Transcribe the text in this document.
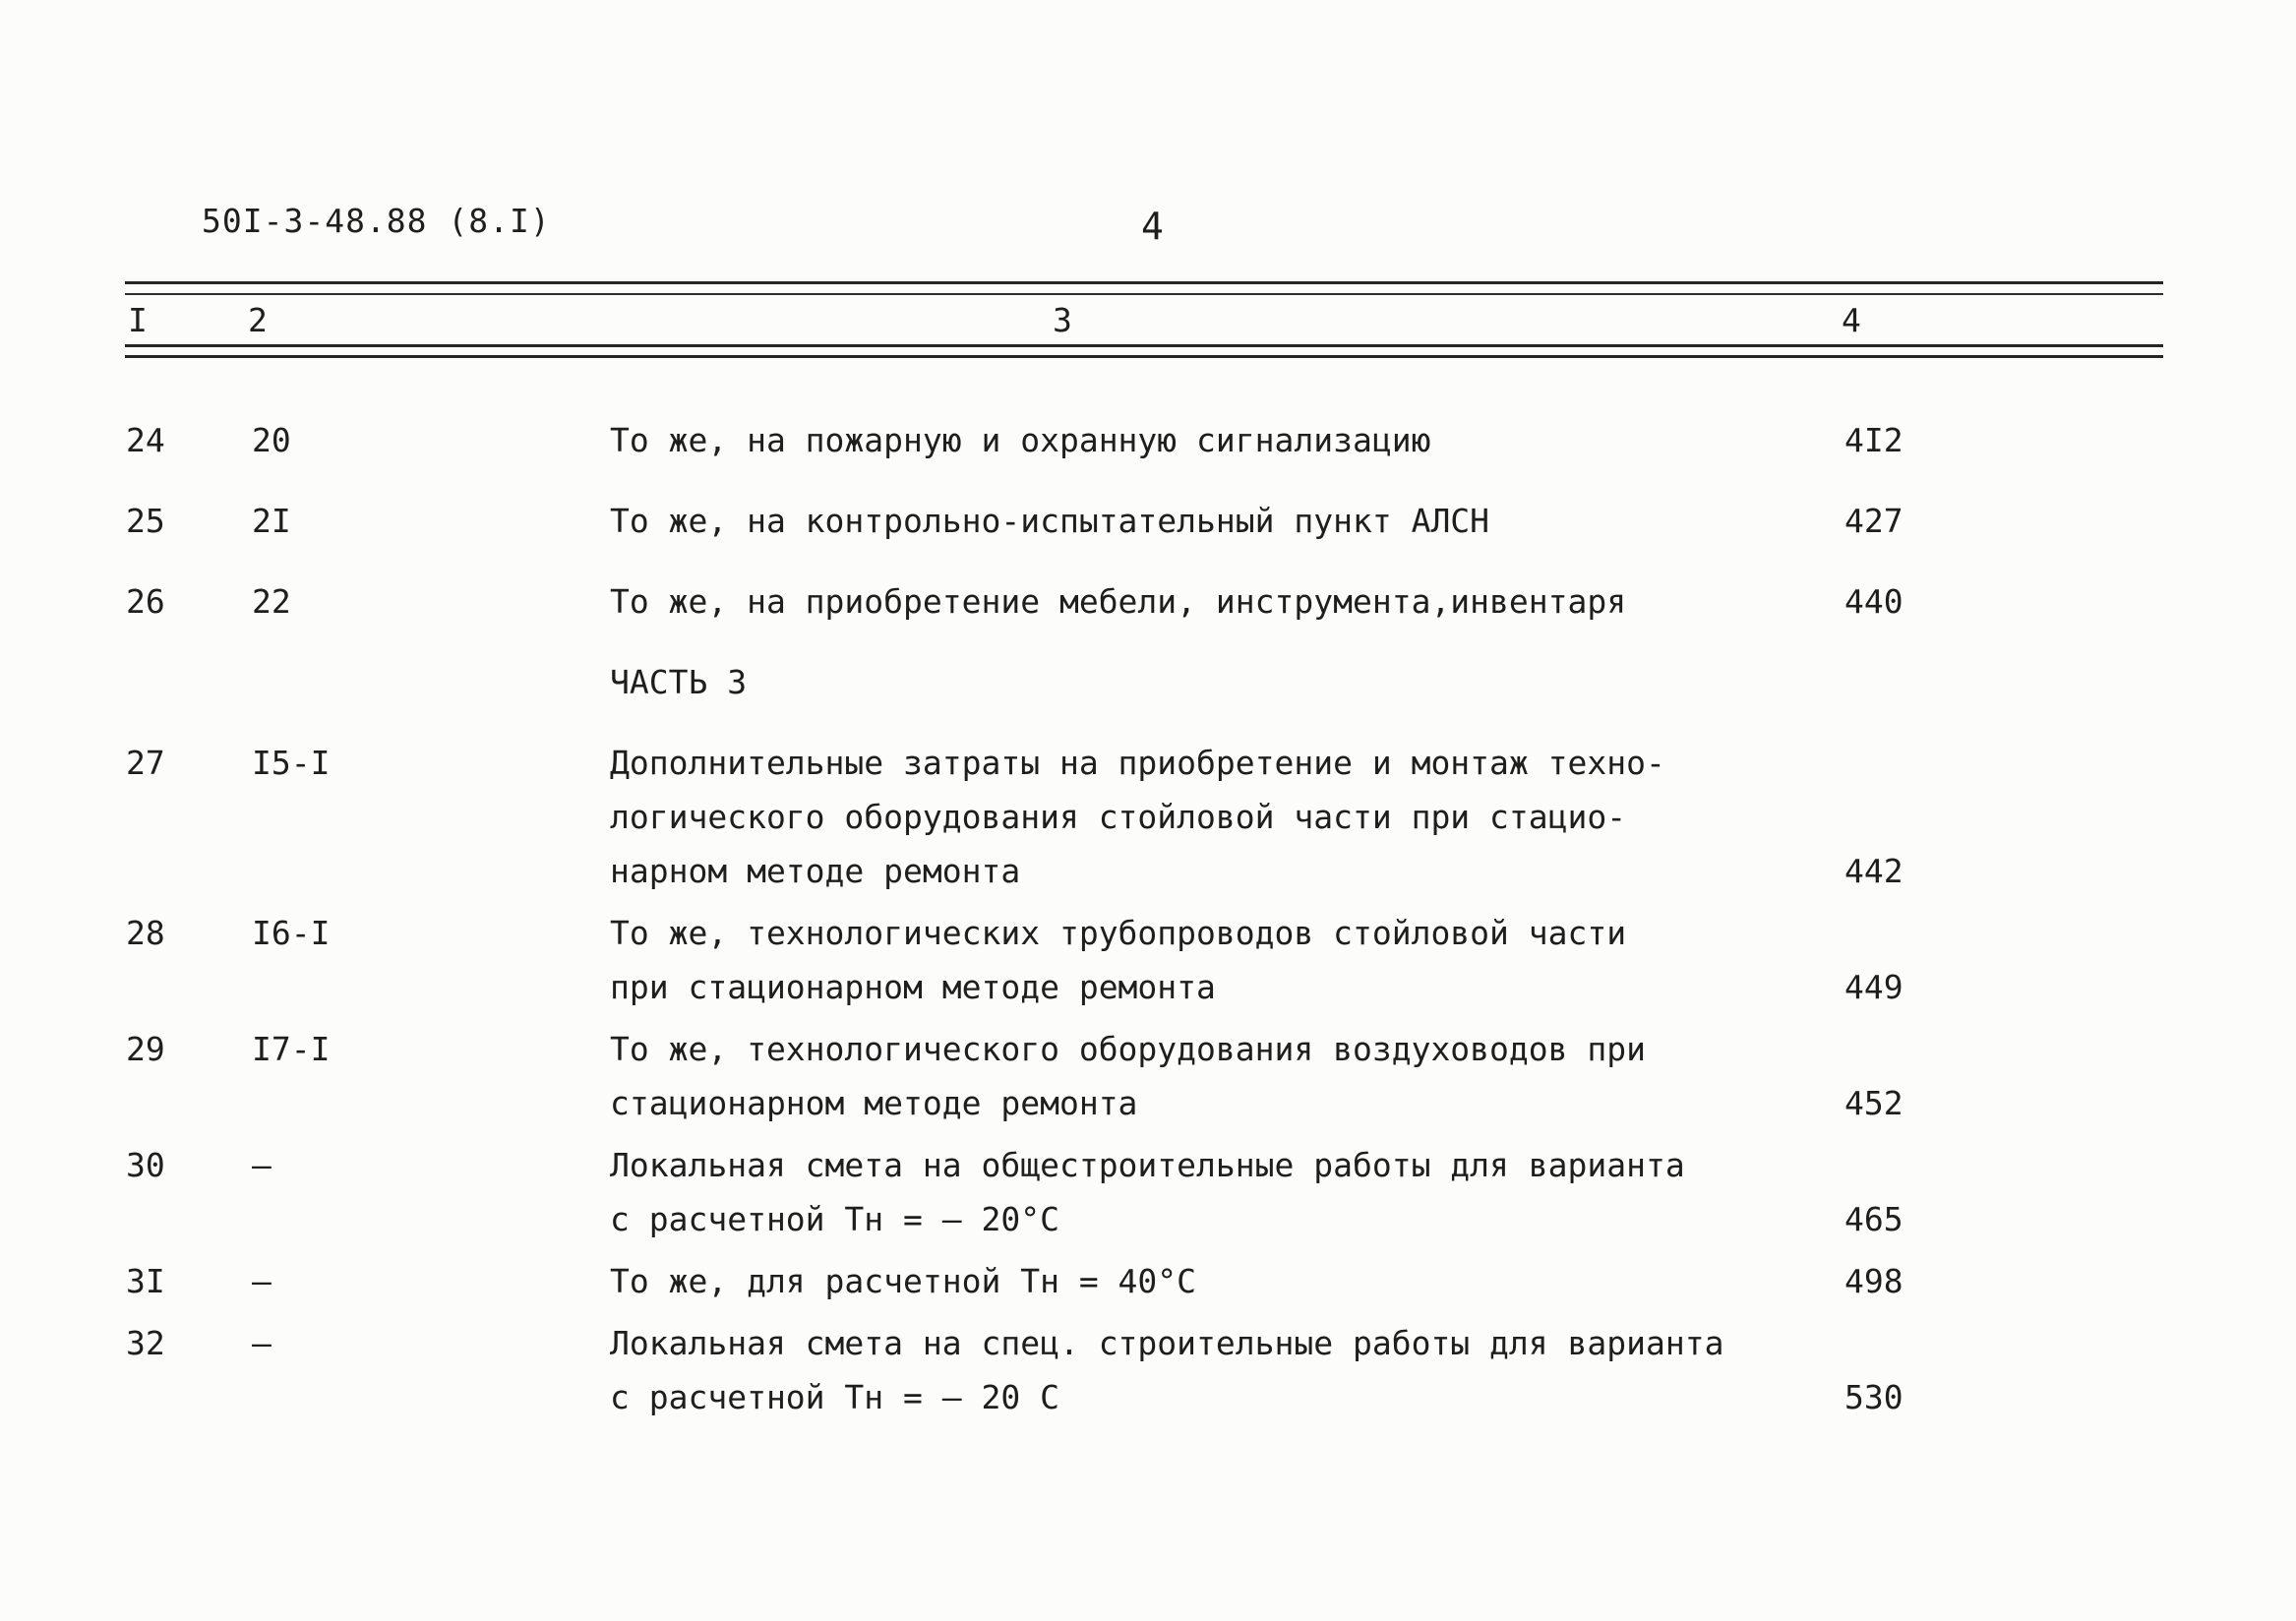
50I-3-48.88 (8.I)	4
I	2	3	4
24	20	То же, на пожарную и охранную сигнализацию	4I2
25	2I	То же, на контрольно-испытательный пункт АЛСН	427
26	22	То же, на приобретение мебели, инструмента,инвентаря	440
ЧАСТЬ 3
27	I5-I	Дополнительные затраты на приобретение и монтаж техно-
логического оборудования стойловой части при стацио-
нарном методе ремонта	442
28	I6-I	То же, технологических трубопроводов стойловой части
при стационарном методе ремонта	449
29	I7-I	То же, технологического оборудования воздуховодов при
стационарном методе ремонта	452
30	–	Локальная смета на общестроительные работы для варианта
с расчетной Тн = – 20°С	465
3I	–	То же, для расчетной Тн = 40°С	498
32	–	Локальная смета на спец. строительные работы для варианта
с расчетной Тн = – 20 С	530
